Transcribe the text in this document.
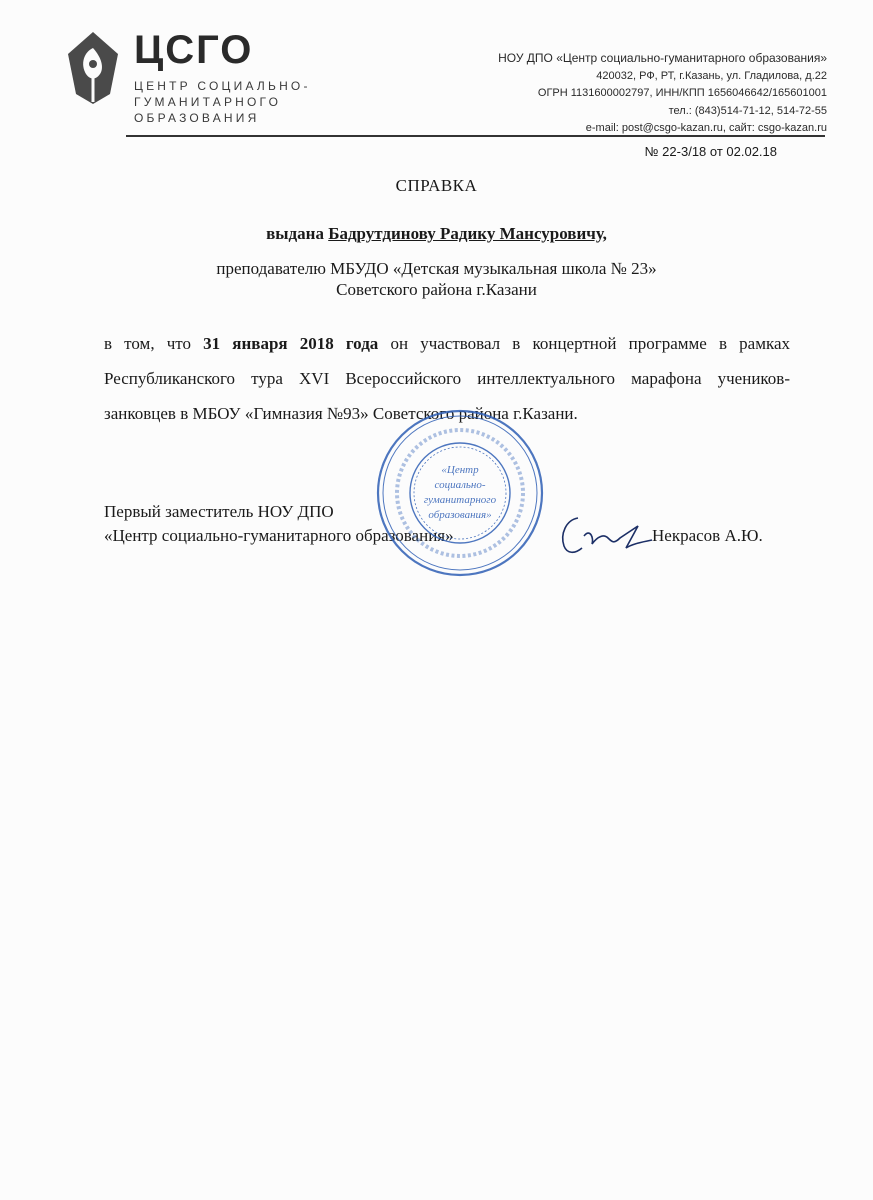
ЦСГО
ЦЕНТР СОЦИАЛЬНО-
ГУМАНИТАРНОГО
ОБРАЗОВАНИЯ
НОУ ДПО «Центр социально-гуманитарного образования»
420032, РФ, РТ, г.Казань, ул. Гладилова, д.22
ОГРН 1131600002797, ИНН/КПП 1656046642/165601001
тел.: (843)514-71-12, 514-72-55
e-mail: post@csgo-kazan.ru, сайт: csgo-kazan.ru
№ 22-3/18 от 02.02.18
СПРАВКА
выдана Бадрутдинову Радику Мансуровичу,
преподавателю МБУДО «Детская музыкальная школа № 23»
Советского района г.Казани
в том, что 31 января 2018 года он участвовал в концертной программе в рамках Республиканского тура XVI Всероссийского интеллектуального марафона учеников-занковцев в МБОУ «Гимназия №93» Советского района г.Казани.
Первый заместитель НОУ ДПО
«Центр социально-гуманитарного образования»
«Центр
социально-
гуманитарного
образования»
Некрасов А.Ю.
